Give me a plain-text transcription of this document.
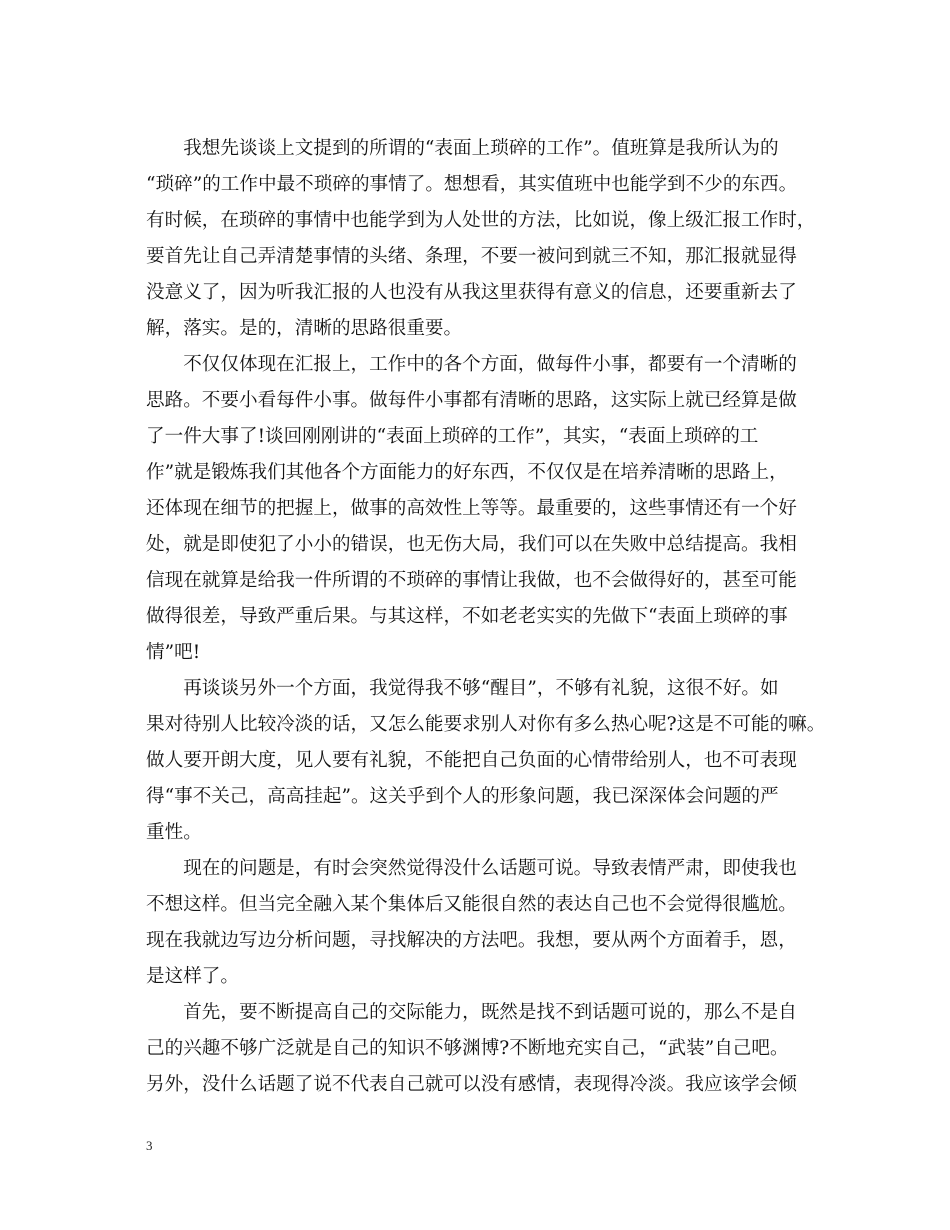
　　我想先谈谈上文提到的所谓的“表面上琐碎的工作”。值班算是我所认为的
“琐碎”的工作中最不琐碎的事情了。想想看，其实值班中也能学到不少的东西。
有时候，在琐碎的事情中也能学到为人处世的方法，比如说，像上级汇报工作时，
要首先让自己弄清楚事情的头绪、条理，不要一被问到就三不知，那汇报就显得
没意义了，因为听我汇报的人也没有从我这里获得有意义的信息，还要重新去了
解，落实。是的，清晰的思路很重要。
　　不仅仅体现在汇报上，工作中的各个方面，做每件小事，都要有一个清晰的
思路。不要小看每件小事。做每件小事都有清晰的思路，这实际上就已经算是做
了一件大事了!谈回刚刚讲的“表面上琐碎的工作”，其实，“表面上琐碎的工
作”就是锻炼我们其他各个方面能力的好东西，不仅仅是在培养清晰的思路上，
还体现在细节的把握上，做事的高效性上等等。最重要的，这些事情还有一个好
处，就是即使犯了小小的错误，也无伤大局，我们可以在失败中总结提高。我相
信现在就算是给我一件所谓的不琐碎的事情让我做，也不会做得好的，甚至可能
做得很差，导致严重后果。与其这样，不如老老实实的先做下“表面上琐碎的事
情”吧!
　　再谈谈另外一个方面，我觉得我不够“醒目”，不够有礼貌，这很不好。如
果对待别人比较冷淡的话，又怎么能要求别人对你有多么热心呢?这是不可能的嘛。
做人要开朗大度，见人要有礼貌，不能把自己负面的心情带给别人，也不可表现
得“事不关己，高高挂起”。这关乎到个人的形象问题，我已深深体会问题的严
重性。
　　现在的问题是，有时会突然觉得没什么话题可说。导致表情严肃，即使我也
不想这样。但当完全融入某个集体后又能很自然的表达自己也不会觉得很尴尬。
现在我就边写边分析问题，寻找解决的方法吧。我想，要从两个方面着手，恩，
是这样了。
　　首先，要不断提高自己的交际能力，既然是找不到话题可说的，那么不是自
己的兴趣不够广泛就是自己的知识不够渊博?不断地充实自己，“武装”自己吧。
另外，没什么话题了说不代表自己就可以没有感情，表现得冷淡。我应该学会倾
3
